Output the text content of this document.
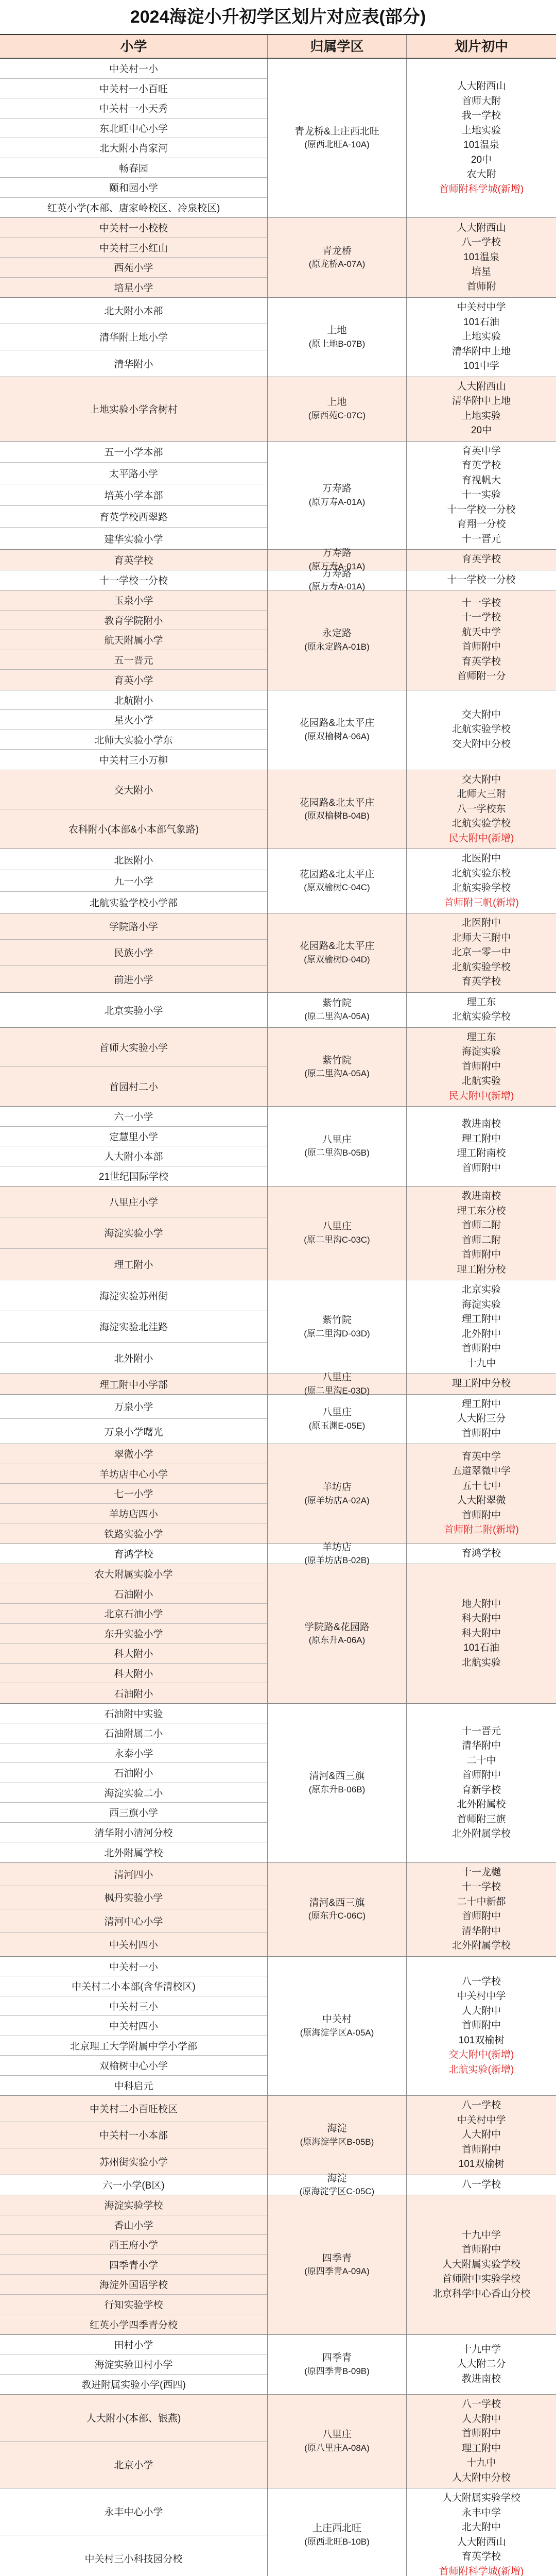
2024海淀小升初学区划片对应表(部分)
小学	归属学区	划片初中
中关村一小
中关村一小百旺
中关村一小天秀
东北旺中心小学
北大附小肖家河
畅春园
颐和园小学
红英小学(本部、唐家岭校区、冷泉校区)
青龙桥&上庄西北旺
(原西北旺A-10A)
人大附西山
首师大附
我一学校
上地实验
101温泉
20中
农大附
首师附科学城(新增)
中关村一小校校
中关村三小红山
西苑小学
培星小学
青龙桥
(原龙桥A-07A)
人大附西山
八一学校
101温泉
培星
首师附
北大附小本部
清华附上地小学
清华附小
上地
(原上地B-07B)
中关村中学
101石油
上地实验
清华附中上地
101中学
上地实验小学含树村
上地
(原西苑C-07C)
人大附西山
清华附中上地
上地实验
20中
五一小学本部
太平路小学
培英小学本部
育英学校西翠路
建华实验小学
万寿路
(原万寿A-01A)
育英中学
育英学校
育视帆大
十一实验
十一学校一分校
育翔一分校
十一晋元
育英学校
万寿路
(原万寿A-01A)
育英学校
十一学校一分校
万寿路
(原万寿A-01A)
十一学校一分校
玉泉小学
教育学院附小
航天附属小学
五一晋元
育英小学
永定路
(原永定路A-01B)
十一学校
十一学校
航天中学
首师附中
育英学校
首师附一分
北航附小
星火小学
北师大实验小学东
中关村三小万柳
花园路&北太平庄
(原双榆树A-06A)
交大附中
北航实验学校
交大附中分校
交大附小
农科附小(本部&小本部气象路)
花园路&北太平庄
(原双榆树B-04B)
交大附中
北师大三附
八一学校东
北航实验学校
民大附中(新增)
北医附小
九一小学
北航实验学校小学部
花园路&北太平庄
(原双榆树C-04C)
北医附中
北航实验东校
北航实验学校
首师附三帆(新增)
学院路小学
民族小学
前进小学
花园路&北太平庄
(原双榆树D-04D)
北医附中
北师大三附中
北京一零一中
北航实验学校
育英学校
北京实验小学
紫竹院
(原二里沟A-05A)
理工东
北航实验学校
首师大实验小学
首园村二小
紫竹院
(原二里沟A-05A)
理工东
海淀实验
首师附中
北航实验
民大附中(新增)
六一小学
定慧里小学
人大附小本部
21世纪国际学校
八里庄
(原二里沟B-05B)
教进南校
理工附中
理工附南校
首师附中
八里庄小学
海淀实验小学
理工附小
八里庄
(原二里沟C-03C)
教进南校
理工东分校
首师二附
首师二附
首师附中
理工附分校
海淀实验苏州街
海淀实验北洼路
北外附小
紫竹院
(原二里沟D-03D)
北京实验
海淀实验
理工附中
北外附中
首师附中
十九中
理工附中小学部
八里庄
(原二里沟E-03D)
理工附中分校
万泉小学
万泉小学曙光
八里庄
(原玉渊E-05E)
理工附中
人大附三分
首师附中
翠微小学
羊坊店中心小学
七一小学
羊坊店四小
铁路实验小学
羊坊店
(原羊坊店A-02A)
育英中学
五道翠微中学
五十七中
人大附翠微
首师附中
首师附二附(新增)
育鸿学校
羊坊店
(原羊坊店B-02B)
育鸿学校
农大附属实验小学
石油附小
北京石油小学
东升实验小学
科大附小
科大附小
石油附小
学院路&花园路
(原东升A-06A)
地大附中
科大附中
科大附中
101石油
北航实验
石油附中实验
石油附属二小
永泰小学
石油附小
海淀实验二小
西三旗小学
清华附小清河分校
北外附属学校
清河&西三旗
(原东升B-06B)
十一晋元
清华附中
二十中
首师附中
育新学校
北外附属校
首师附三旗
北外附属学校
清河四小
枫丹实验小学
清河中心小学
中关村四小
清河&西三旗
(原东升C-06C)
十一龙樾
十一学校
二十中新都
首师附中
清华附中
北外附属学校
中关村一小
中关村二小本部(含华清校区)
中关村三小
中关村四小
北京理工大学附属中学小学部
双榆树中心小学
中科启元
中关村
(原海淀学区A-05A)
八一学校
中关村中学
人大附中
首师附中
101双榆树
交大附中(新增)
北航实验(新增)
中关村二小百旺校区
中关村一小本部
苏州街实验小学
海淀
(原海淀学区B-05B)
八一学校
中关村中学
人大附中
首师附中
101双榆树
六一小学(B区)
海淀
(原海淀学区C-05C)
八一学校
海淀实验学校
香山小学
西王府小学
四季青小学
海淀外国语学校
行知实验学校
红英小学四季青分校
四季青
(原四季青A-09A)
十九中学
首师附中
人大附属实验学校
首师附中实验学校
北京科学中心香山分校
田村小学
海淀实验田村小学
教进附属实验小学(西四)
四季青
(原四季青B-09B)
十九中学
人大附二分
教进南校
人大附小(本部、银燕)
北京小学
八里庄
(原八里庄A-08A)
八一学校
人大附中
首师附中
理工附中
十九中
人大附中分校
永丰中心小学
中关村三小科技园分校
上庄西北旺
(原西北旺B-10B)
人大附属实验学校
永丰中学
北大附中
人大附西山
育英学校
首师附科学城(新增)
